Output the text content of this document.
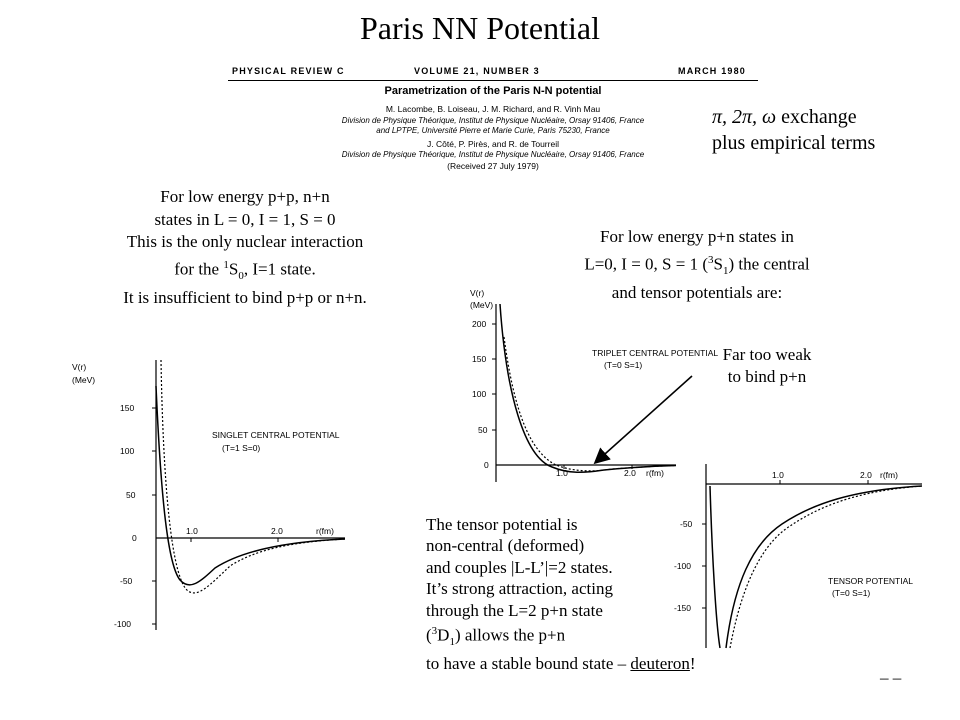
Paris NN Potential
PHYSICAL REVIEW C	VOLUME 21, NUMBER 3	MARCH 1980
Parametrization of the Paris N-N potential
M. Lacombe, B. Loiseau, J. M. Richard, and R. Vinh Mau
Division de Physique Théorique, Institut de Physique Nucléaire, Orsay 91406, France
and LPTPE, Université Pierre et Marie Curie, Paris 75230, France
J. Côté, P. Pirès, and R. de Tourreil
Division de Physique Théorique, Institut de Physique Nucléaire, Orsay 91406, France
(Received 27 July 1979)
π, 2π, ω exchange
plus empirical terms
For low energy p+p, n+n
states in L = 0, I = 1, S = 0
This is the only nuclear interaction
for the $^1S_0$, I=1 state.
It is insufficient to bind p+p or n+n.
For low energy p+n states in
L=0, I = 0, S = 1 $(^3S_1)$ the central
and tensor potentials are:
Far too weak
to bind p+n
V(r)
(MeV)
150
100
50
0
-50
-100
1.0	2.0	r(fm)
SINGLET CENTRAL POTENTIAL
(T=1 S=0)
V(r)
(MeV)
200
150
100
50
0
1.0	2.0 r(fm)
TRIPLET CENTRAL POTENTIAL
(T=0 S=1)
-50
-100
-150
1.0	2.0 r(fm)
TENSOR POTENTIAL
(T=0 S=1)
The tensor potential is
non-central (deformed)
and couples |L-L’|=2 states.
It’s strong attraction, acting
through the L=2 p+n state
$(^3D_1)$ allows the p+n
to have a stable bound state – deuteron!
– –
